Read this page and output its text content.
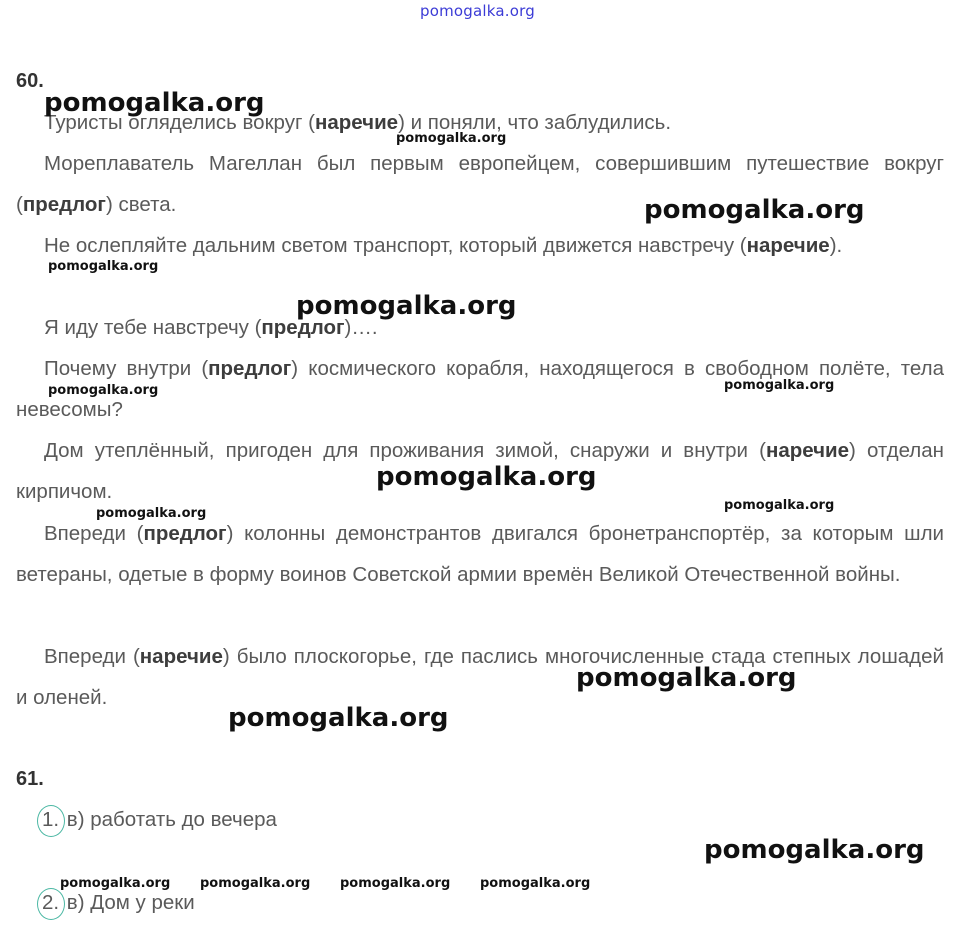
pomogalka.org
60.
Туристы огляделись вокруг (наречие) и поняли, что заблудились.
Мореплаватель Магеллан был первым европейцем, совершившим путешествие вокруг (предлог) света.
Не ослепляйте дальним светом транспорт, который движется навстречу (наречие).
Я иду тебе навстречу (предлог)….
Почему внутри (предлог) космического корабля, находящегося в свободном полёте, тела невесомы?
Дом утеплённый, пригоден для проживания зимой, снаружи и внутри (наречие) отделан кирпичом.
Впереди (предлог) колонны демонстрантов двигался бронетранспортёр, за которым шли ветераны, одетые в форму воинов Советской армии времён Великой Отечественной войны.
Впереди (наречие) было плоскогорье, где паслись многочисленные стада степных лошадей и оленей.
61.
1. в) работать до вечера
2. в) Дом у реки
pomogalka.org
pomogalka.org
pomogalka.org
pomogalka.org
pomogalka.org
pomogalka.org	pomogalka.org
pomogalka.org
pomogalka.org
pomogalka.org
pomogalka.org
pomogalka.org
pomogalka.org
pomogalka.org pomogalka.org pomogalka.org pomogalka.org
